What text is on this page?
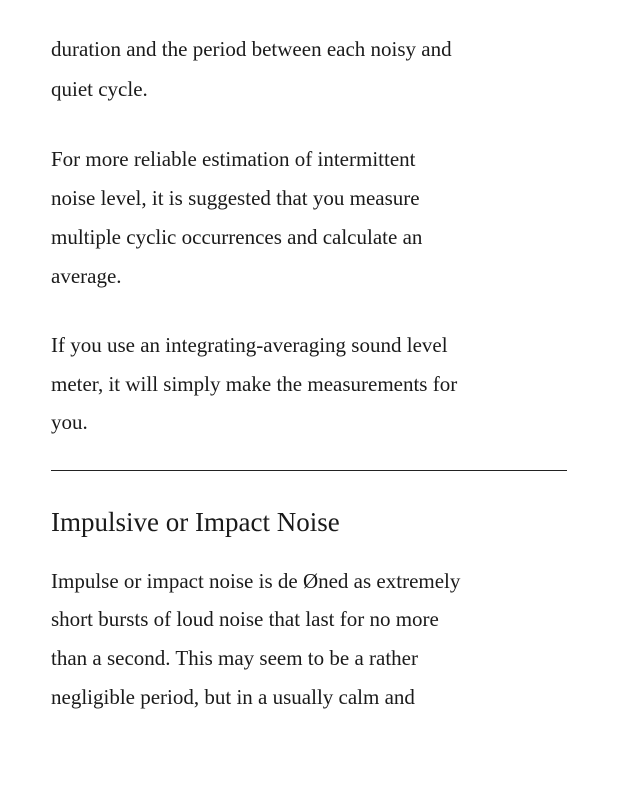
duration and the period between each noisy and
quiet cycle.
For more reliable estimation of intermittent
noise level, it is suggested that you measure
multiple cyclic occurrences and calculate an
average.
If you use an integrating-averaging sound level
meter, it will simply make the measurements for
you.
Impulsive or Impact Noise
Impulse or impact noise is de Øned as extremely
short bursts of loud noise that last for no more
than a second. This may seem to be a rather
negligible period, but in a usually calm and
